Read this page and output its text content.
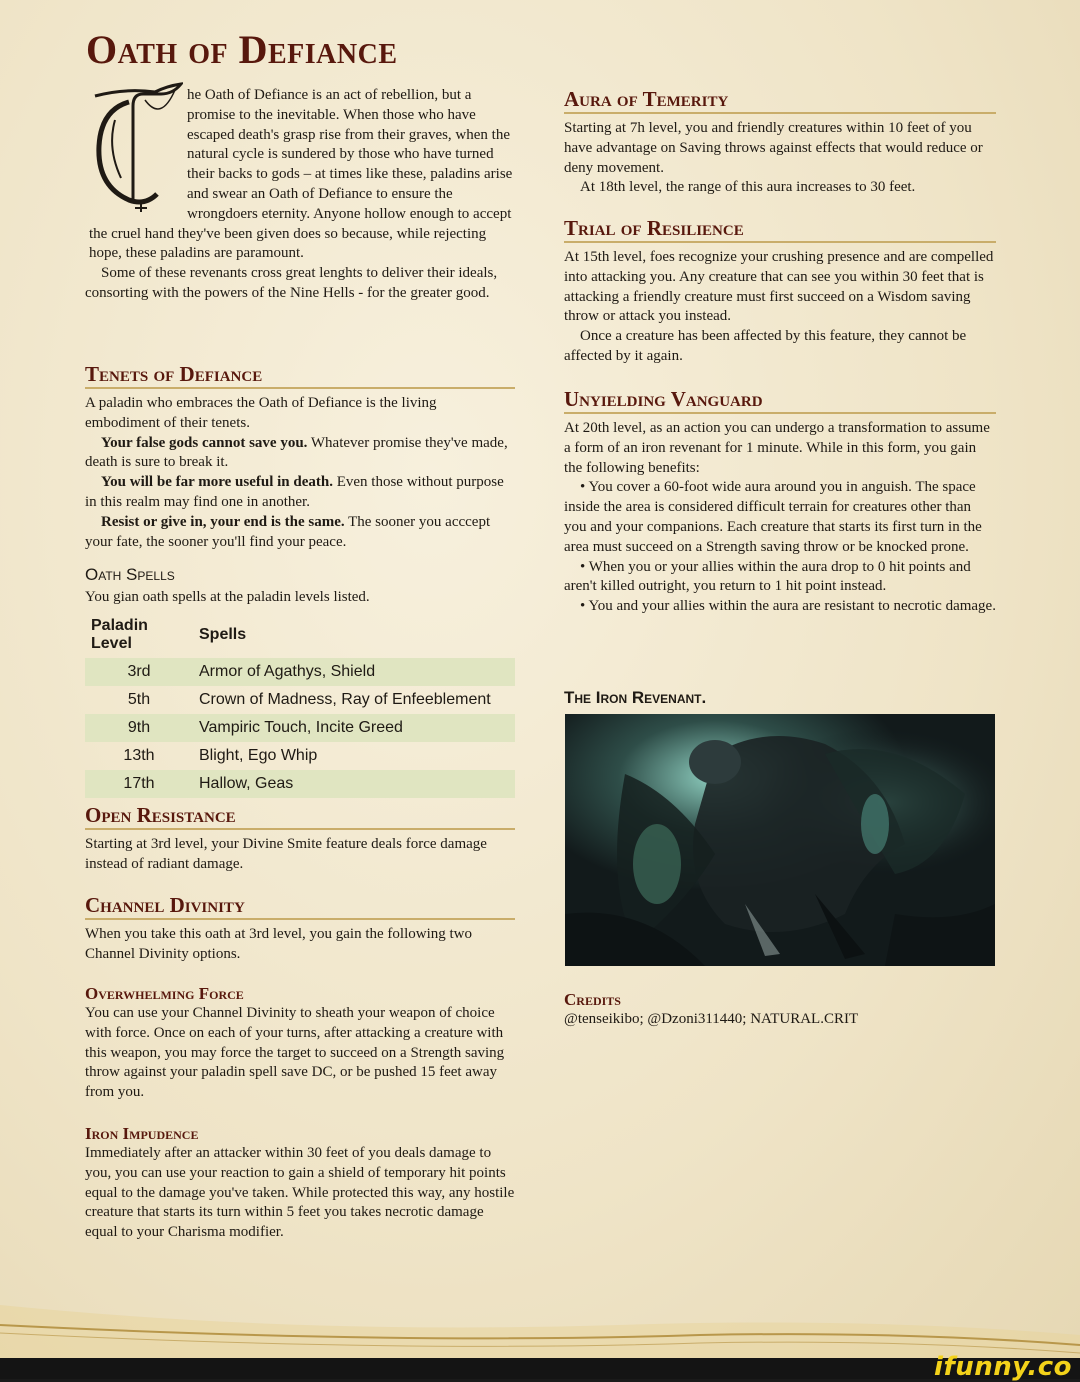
Oath of Defiance

he Oath of Defiance is an act of rebellion, but a promise to the inevitable. When those who have escaped death's grasp rise from their graves, when the natural cycle is sundered by those who have turned their backs to gods – at times like these, paladins arise and swear an Oath of Defiance to ensure the wrongdoers eternity. Anyone hollow enough to accept the cruel hand they've been given does so because, while rejecting hope, these paladins are paramount.

Some of these revenants cross great lenghts to deliver their ideals, consorting with the powers of the Nine Hells - for the greater good.

Tenets of Defiance

A paladin who embraces the Oath of Defiance is the living embodiment of their tenets.

Your false gods cannot save you. Whatever promise they've made, death is sure to break it.

You will be far more useful in death. Even those without purpose in this realm may find one in another.

Resist or give in, your end is the same. The sooner you acccept your fate, the sooner you'll find your peace.

Oath Spells

You gian oath spells at the paladin levels listed.

Paladin Level	Spells
3rd	Armor of Agathys, Shield
5th	Crown of Madness, Ray of Enfeeblement
9th	Vampiric Touch, Incite Greed
13th	Blight, Ego Whip
17th	Hallow, Geas
Open Resistance

Starting at 3rd level, your Divine Smite feature deals force damage instead of radiant damage.

Channel Divinity

When you take this oath at 3rd level, you gain the following two Channel Divinity options.

Overwhelming Force

You can use your Channel Divinity to sheath your weapon of choice with force. Once on each of your turns, after attacking a creature with this weapon, you may force the target to succeed on a Strength saving throw against your paladin spell save DC, or be pushed 15 feet away from you.

Iron Impudence

Immediately after an attacker within 30 feet of you deals damage to you, you can use your reaction to gain a shield of temporary hit points equal to the damage you've taken. While protected this way, any hostile creature that starts its turn within 5 feet you takes necrotic damage equal to your Charisma modifier.

Aura of Temerity

Starting at 7h level, you and friendly creatures within 10 feet of you have advantage on Saving throws against effects that would reduce or deny movement.

At 18th level, the range of this aura increases to 30 feet.

Trial of Resilience

At 15th level, foes recognize your crushing presence and are compelled into attacking you. Any creature that can see you within 30 feet that is attacking a friendly creature must first succeed on a Wisdom saving throw or attack you instead.

Once a creature has been affected by this feature, they cannot be affected by it again.

Unyielding Vanguard

At 20th level, as an action you can undergo a transformation to assume a form of an iron revenant for 1 minute. While in this form, you gain the following benefits:

• You cover a 60-foot wide aura around you in anguish. The space inside the area is considered difficult terrain for creatures other than you and your companions. Each creature that starts its first turn in the area must succeed on a Strength saving throw or be knocked prone.

• When you or your allies within the aura drop to 0 hit points and aren't killed outright, you return to 1 hit point instead.

• You and your allies within the aura are resistant to necrotic damage.

The Iron Revenant.
Credits

@tenseikibo; @Dzoni311440; NATURAL.CRIT

ifunny.co
